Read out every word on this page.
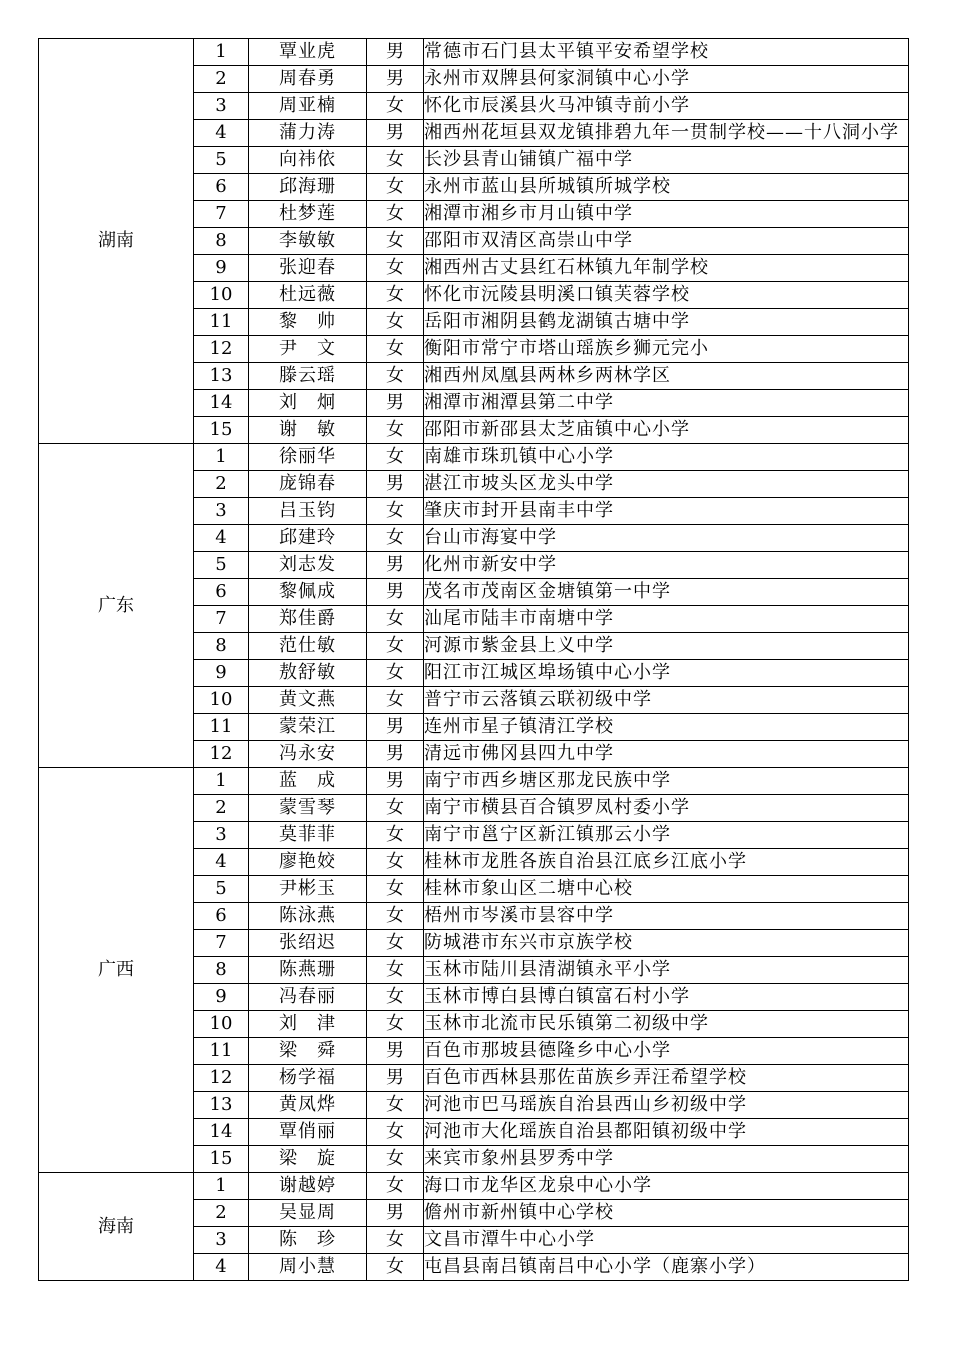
湖南	1	覃业虎	男	常德市石门县太平镇平安希望学校
	2	周春勇	男	永州市双牌县何家洞镇中心小学
	3	周亚楠	女	怀化市辰溪县火马冲镇寺前小学
	4	蒲力涛	男	湘西州花垣县双龙镇排碧九年一贯制学校——十八洞小学
	5	向祎依	女	长沙县青山铺镇广福中学
	6	邱海珊	女	永州市蓝山县所城镇所城学校
	7	杜梦莲	女	湘潭市湘乡市月山镇中学
	8	李敏敏	女	邵阳市双清区高崇山中学
	9	张迎春	女	湘西州古丈县红石林镇九年制学校
	10	杜远薇	女	怀化市沅陵县明溪口镇芙蓉学校
	11	黎　帅	女	岳阳市湘阴县鹤龙湖镇古塘中学
	12	尹　文	女	衡阳市常宁市塔山瑶族乡狮元完小
	13	滕云瑶	女	湘西州凤凰县两林乡两林学区
	14	刘　炯	男	湘潭市湘潭县第二中学
	15	谢　敏	女	邵阳市新邵县太芝庙镇中心小学
广东	1	徐丽华	女	南雄市珠玑镇中心小学
	2	庞锦春	男	湛江市坡头区龙头中学
	3	吕玉钧	女	肇庆市封开县南丰中学
	4	邱建玲	女	台山市海宴中学
	5	刘志发	男	化州市新安中学
	6	黎佩成	男	茂名市茂南区金塘镇第一中学
	7	郑佳爵	女	汕尾市陆丰市南塘中学
	8	范仕敏	女	河源市紫金县上义中学
	9	敖舒敏	女	阳江市江城区埠场镇中心小学
	10	黄文燕	女	普宁市云落镇云联初级中学
	11	蒙荣江	男	连州市星子镇清江学校
	12	冯永安	男	清远市佛冈县四九中学
广西	1	蓝　成	男	南宁市西乡塘区那龙民族中学
	2	蒙雪琴	女	南宁市横县百合镇罗凤村委小学
	3	莫菲菲	女	南宁市邕宁区新江镇那云小学
	4	廖艳姣	女	桂林市龙胜各族自治县江底乡江底小学
	5	尹彬玉	女	桂林市象山区二塘中心校
	6	陈泳燕	女	梧州市岑溪市昙容中学
	7	张绍迟	女	防城港市东兴市京族学校
	8	陈燕珊	女	玉林市陆川县清湖镇永平小学
	9	冯春丽	女	玉林市博白县博白镇富石村小学
	10	刘　津	女	玉林市北流市民乐镇第二初级中学
	11	梁　舜	男	百色市那坡县德隆乡中心小学
	12	杨学福	男	百色市西林县那佐苗族乡弄汪希望学校
	13	黄凤烨	女	河池市巴马瑶族自治县西山乡初级中学
	14	覃俏丽	女	河池市大化瑶族自治县都阳镇初级中学
	15	梁　旋	女	来宾市象州县罗秀中学
海南	1	谢越婷	女	海口市龙华区龙泉中心小学
	2	吴显周	男	儋州市新州镇中心学校
	3	陈　珍	女	文昌市潭牛中心小学
	4	周小慧	女	屯昌县南吕镇南吕中心小学（鹿寨小学）
